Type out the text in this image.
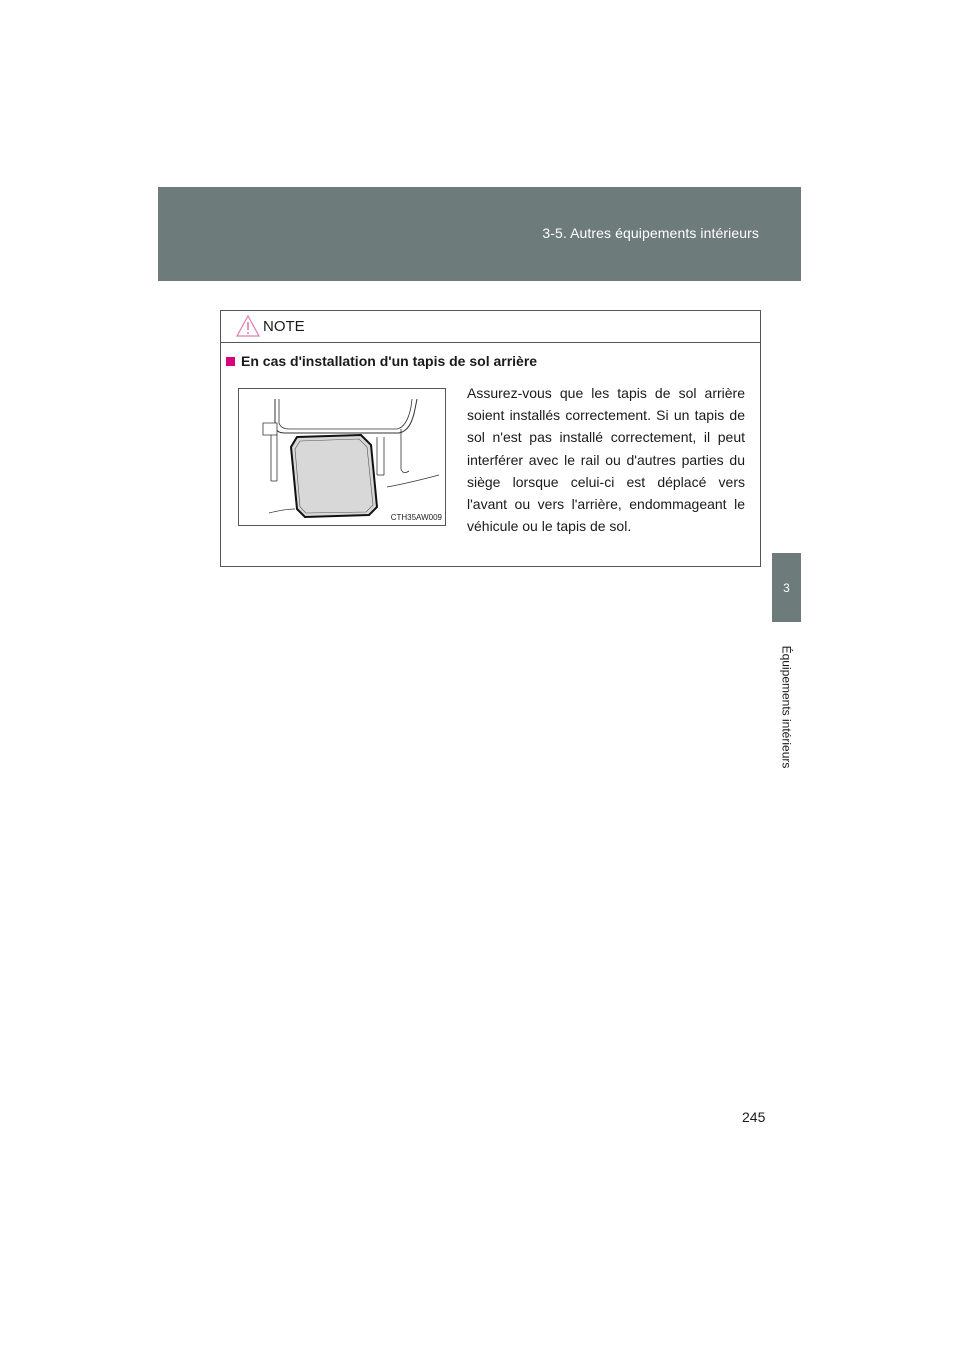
3-5. Autres équipements intérieurs
3
Équipements intérieurs
NOTE
En cas d'installation d'un tapis de sol arrière
CTH35AW009
Assurez-vous que les tapis de sol arrière soient installés correctement. Si un tapis de sol n'est pas installé correctement, il peut interférer avec le rail ou d'autres parties du siège lorsque celui-ci est déplacé vers l'avant ou vers l'arrière, endommageant le véhicule ou le tapis de sol.
245
